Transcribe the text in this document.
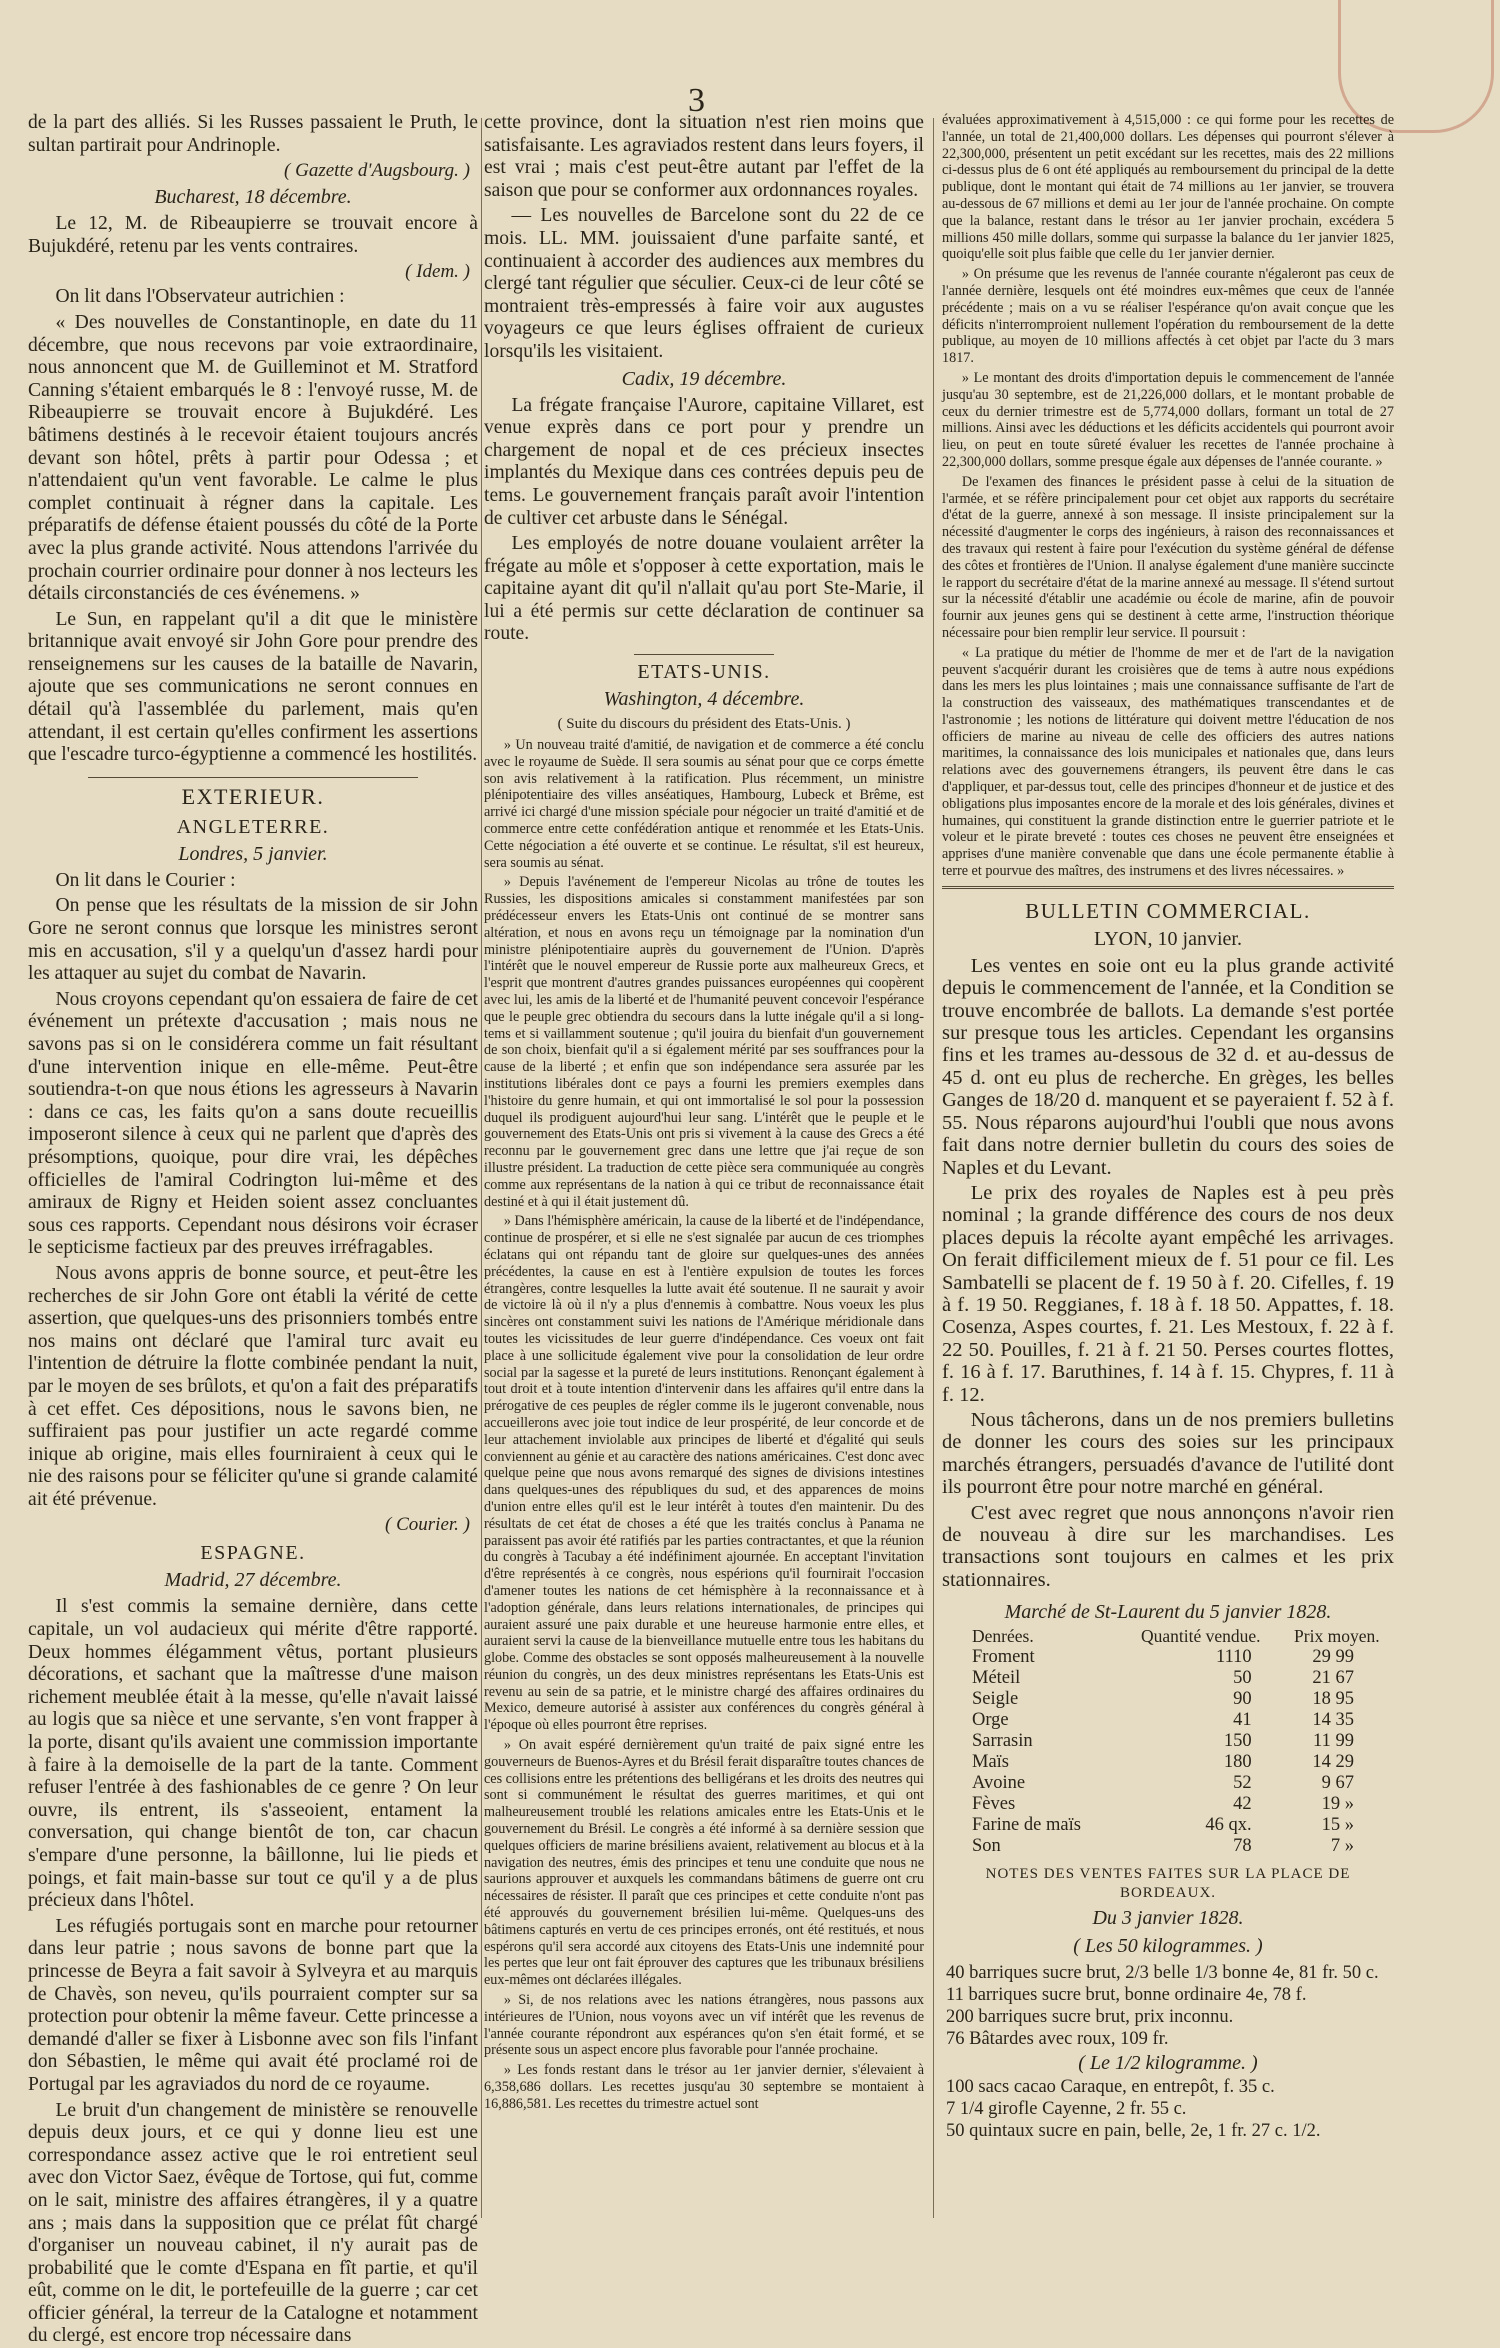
3

de la part des alliés. Si les Russes passaient le Pruth, le sultan partirait pour Andrinople.

( Gazette d'Augsbourg. )
Bucharest, 18 décembre.

Le 12, M. de Ribeaupierre se trouvait encore à Bujukdéré, retenu par les vents contraires.

( Idem. )

On lit dans l'Observateur autrichien :

« Des nouvelles de Constantinople, en date du 11 décembre, que nous recevons par voie extraordinaire, nous annoncent que M. de Guilleminot et M. Stratford Canning s'étaient embarqués le 8 : l'envoyé russe, M. de Ribeaupierre se trouvait encore à Bujukdéré. Les bâtimens destinés à le recevoir étaient toujours ancrés devant son hôtel, prêts à partir pour Odessa ; et n'attendaient qu'un vent favorable. Le calme le plus complet continuait à régner dans la capitale. Les préparatifs de défense étaient poussés du côté de la Porte avec la plus grande activité. Nous attendons l'arrivée du prochain courrier ordinaire pour donner à nos lecteurs les détails circonstanciés de ces événemens. »

Le Sun, en rappelant qu'il a dit que le ministère britannique avait envoyé sir John Gore pour prendre des renseignemens sur les causes de la bataille de Navarin, ajoute que ses communications ne seront connues en détail qu'à l'assemblée du parlement, mais qu'en attendant, il est certain qu'elles confirment les assertions que l'escadre turco-égyptienne a commencé les hostilités.

EXTERIEUR.
ANGLETERRE.
Londres, 5 janvier.

On lit dans le Courier :

On pense que les résultats de la mission de sir John Gore ne seront connus que lorsque les ministres seront mis en accusation, s'il y a quelqu'un d'assez hardi pour les attaquer au sujet du combat de Navarin.

Nous croyons cependant qu'on essaiera de faire de cet événement un prétexte d'accusation ; mais nous ne savons pas si on le considérera comme un fait résultant d'une intervention inique en elle-même. Peut-être soutiendra-t-on que nous étions les agresseurs à Navarin : dans ce cas, les faits qu'on a sans doute recueillis imposeront silence à ceux qui ne parlent que d'après des présomptions, quoique, pour dire vrai, les dépêches officielles de l'amiral Codrington lui-même et des amiraux de Rigny et Heiden soient assez concluantes sous ces rapports. Cependant nous désirons voir écraser le septicisme factieux par des preuves irréfragables.

Nous avons appris de bonne source, et peut-être les recherches de sir John Gore ont établi la vérité de cette assertion, que quelques-uns des prisonniers tombés entre nos mains ont déclaré que l'amiral turc avait eu l'intention de détruire la flotte combinée pendant la nuit, par le moyen de ses brûlots, et qu'on a fait des préparatifs à cet effet. Ces dépositions, nous le savons bien, ne suffiraient pas pour justifier un acte regardé comme inique ab origine, mais elles fourniraient à ceux qui le nie des raisons pour se féliciter qu'une si grande calamité ait été prévenue.

( Courier. )
ESPAGNE.
Madrid, 27 décembre.

Il s'est commis la semaine dernière, dans cette capitale, un vol audacieux qui mérite d'être rapporté. Deux hommes élégamment vêtus, portant plusieurs décorations, et sachant que la maîtresse d'une maison richement meublée était à la messe, qu'elle n'avait laissé au logis que sa nièce et une servante, s'en vont frapper à la porte, disant qu'ils avaient une commission importante à faire à la demoiselle de la part de la tante. Comment refuser l'entrée à des fashionables de ce genre ? On leur ouvre, ils entrent, ils s'asseoient, entament la conversation, qui change bientôt de ton, car chacun s'empare d'une personne, la bâillonne, lui lie pieds et poings, et fait main-basse sur tout ce qu'il y a de plus précieux dans l'hôtel.

Les réfugiés portugais sont en marche pour retourner dans leur patrie ; nous savons de bonne part que la princesse de Beyra a fait savoir à Sylveyra et au marquis de Chavès, son neveu, qu'ils pourraient compter sur sa protection pour obtenir la même faveur. Cette princesse a demandé d'aller se fixer à Lisbonne avec son fils l'infant don Sébastien, le même qui avait été proclamé roi de Portugal par les agraviados du nord de ce royaume.

Le bruit d'un changement de ministère se renouvelle depuis deux jours, et ce qui y donne lieu est une correspondance assez active que le roi entretient seul avec don Victor Saez, évêque de Tortose, qui fut, comme on le sait, ministre des affaires étrangères, il y a quatre ans ; mais dans la supposition que ce prélat fût chargé d'organiser un nouveau cabinet, il n'y aurait pas de probabilité que le comte d'Espana en fît partie, et qu'il eût, comme on le dit, le portefeuille de la guerre ; car cet officier général, la terreur de la Catalogne et notamment du clergé, est encore trop nécessaire dans

cette province, dont la situation n'est rien moins que satisfaisante. Les agraviados restent dans leurs foyers, il est vrai ; mais c'est peut-être autant par l'effet de la saison que pour se conformer aux ordonnances royales.

— Les nouvelles de Barcelone sont du 22 de ce mois. LL. MM. jouissaient d'une parfaite santé, et continuaient à accorder des audiences aux membres du clergé tant régulier que séculier. Ceux-ci de leur côté se montraient très-empressés à faire voir aux augustes voyageurs ce que leurs églises offraient de curieux lorsqu'ils les visitaient.

Cadix, 19 décembre.

La frégate française l'Aurore, capitaine Villaret, est venue exprès dans ce port pour y prendre un chargement de nopal et de ces précieux insectes implantés du Mexique dans ces contrées depuis peu de tems. Le gouvernement français paraît avoir l'intention de cultiver cet arbuste dans le Sénégal.

Les employés de notre douane voulaient arrêter la frégate au môle et s'opposer à cette exportation, mais le capitaine ayant dit qu'il n'allait qu'au port Ste-Marie, il lui a été permis sur cette déclaration de continuer sa route.

ETATS-UNIS.
Washington, 4 décembre.
( Suite du discours du président des Etats-Unis. )

» Un nouveau traité d'amitié, de navigation et de commerce a été conclu avec le royaume de Suède. Il sera soumis au sénat pour que ce corps émette son avis relativement à la ratification. Plus récemment, un ministre plénipotentiaire des villes anséatiques, Hambourg, Lubeck et Brême, est arrivé ici chargé d'une mission spéciale pour négocier un traité d'amitié et de commerce entre cette confédération antique et renommée et les Etats-Unis. Cette négociation a été ouverte et se continue. Le résultat, s'il est heureux, sera soumis au sénat.

» Depuis l'avénement de l'empereur Nicolas au trône de toutes les Russies, les dispositions amicales si constamment manifestées par son prédécesseur envers les Etats-Unis ont continué de se montrer sans altération, et nous en avons reçu un témoignage par la nomination d'un ministre plénipotentiaire auprès du gouvernement de l'Union. D'après l'intérêt que le nouvel empereur de Russie porte aux malheureux Grecs, et l'esprit que montrent d'autres grandes puissances européennes qui coopèrent avec lui, les amis de la liberté et de l'humanité peuvent concevoir l'espérance que le peuple grec obtiendra du secours dans la lutte inégale qu'il a si long-tems et si vaillamment soutenue ; qu'il jouira du bienfait d'un gouvernement de son choix, bienfait qu'il a si également mérité par ses souffrances pour la cause de la liberté ; et enfin que son indépendance sera assurée par les institutions libérales dont ce pays a fourni les premiers exemples dans l'histoire du genre humain, et qui ont immortalisé le sol pour la possession duquel ils prodiguent aujourd'hui leur sang. L'intérêt que le peuple et le gouvernement des Etats-Unis ont pris si vivement à la cause des Grecs a été reconnu par le gouvernement grec dans une lettre que j'ai reçue de son illustre président. La traduction de cette pièce sera communiquée au congrès comme aux représentans de la nation à qui ce tribut de reconnaissance était destiné et à qui il était justement dû.

» Dans l'hémisphère américain, la cause de la liberté et de l'indépendance, continue de prospérer, et si elle ne s'est signalée par aucun de ces triomphes éclatans qui ont répandu tant de gloire sur quelques-unes des années précédentes, la cause en est à l'entière expulsion de toutes les forces étrangères, contre lesquelles la lutte avait été soutenue. Il ne saurait y avoir de victoire là où il n'y a plus d'ennemis à combattre. Nous voeux les plus sincères ont constamment suivi les nations de l'Amérique méridionale dans toutes les vicissitudes de leur guerre d'indépendance. Ces voeux ont fait place à une sollicitude également vive pour la consolidation de leur ordre social par la sagesse et la pureté de leurs institutions. Renonçant également à tout droit et à toute intention d'intervenir dans les affaires qu'il entre dans la prérogative de ces peuples de régler comme ils le jugeront convenable, nous accueillerons avec joie tout indice de leur prospérité, de leur concorde et de leur attachement inviolable aux principes de liberté et d'égalité qui seuls conviennent au génie et au caractère des nations américaines. C'est donc avec quelque peine que nous avons remarqué des signes de divisions intestines dans quelques-unes des républiques du sud, et des apparences de moins d'union entre elles qu'il est le leur intérêt à toutes d'en maintenir. Du des résultats de cet état de choses a été que les traités conclus à Panama ne paraissent pas avoir été ratifiés par les parties contractantes, et que la réunion du congrès à Tacubay a été indéfiniment ajournée. En acceptant l'invitation d'être représentés à ce congrès, nous espérions qu'il fournirait l'occasion d'amener toutes les nations de cet hémisphère à la reconnaissance et à l'adoption générale, dans leurs relations internationales, de principes qui auraient assuré une paix durable et une heureuse harmonie entre elles, et auraient servi la cause de la bienveillance mutuelle entre tous les habitans du globe. Comme des obstacles se sont opposés malheureusement à la nouvelle réunion du congrès, un des deux ministres représentans les Etats-Unis est revenu au sein de sa patrie, et le ministre chargé des affaires ordinaires du Mexico, demeure autorisé à assister aux conférences du congrès général à l'époque où elles pourront être reprises.

» On avait espéré dernièrement qu'un traité de paix signé entre les gouverneurs de Buenos-Ayres et du Brésil ferait disparaître toutes chances de ces collisions entre les prétentions des belligérans et les droits des neutres qui sont si communément le résultat des guerres maritimes, et qui ont malheureusement troublé les relations amicales entre les Etats-Unis et le gouvernement du Brésil. Le congrès a été informé à sa dernière session que quelques officiers de marine brésiliens avaient, relativement au blocus et à la navigation des neutres, émis des principes et tenu une conduite que nous ne saurions approuver et auxquels les commandans bâtimens de guerre ont cru nécessaires de résister. Il paraît que ces principes et cette conduite n'ont pas été approuvés du gouvernement brésilien lui-même. Quelques-uns des bâtimens capturés en vertu de ces principes erronés, ont été restitués, et nous espérons qu'il sera accordé aux citoyens des Etats-Unis une indemnité pour les pertes que leur ont fait éprouver des captures que les tribunaux brésiliens eux-mêmes ont déclarées illégales.

» Si, de nos relations avec les nations étrangères, nous passons aux intérieures de l'Union, nous voyons avec un vif intérêt que les revenus de l'année courante répondront aux espérances qu'on s'en était formé, et se présente sous un aspect encore plus favorable pour l'année prochaine.

» Les fonds restant dans le trésor au 1er janvier dernier, s'élevaient à 6,358,686 dollars. Les recettes jusqu'au 30 septembre se montaient à 16,886,581. Les recettes du trimestre actuel sont

évaluées approximativement à 4,515,000 : ce qui forme pour les recettes de l'année, un total de 21,400,000 dollars. Les dépenses qui pourront s'élever à 22,300,000, présentent un petit excédant sur les recettes, mais des 22 millions ci-dessus plus de 6 ont été appliqués au remboursement du principal de la dette publique, dont le montant qui était de 74 millions au 1er janvier, se trouvera au-dessous de 67 millions et demi au 1er jour de l'année prochaine. On compte que la balance, restant dans le trésor au 1er janvier prochain, excédera 5 millions 450 mille dollars, somme qui surpasse la balance du 1er janvier 1825, quoiqu'elle soit plus faible que celle du 1er janvier dernier.

» On présume que les revenus de l'année courante n'égaleront pas ceux de l'année dernière, lesquels ont été moindres eux-mêmes que ceux de l'année précédente ; mais on a vu se réaliser l'espérance qu'on avait conçue que les déficits n'interromproient nullement l'opération du remboursement de la dette publique, au moyen de 10 millions affectés à cet objet par l'acte du 3 mars 1817.

» Le montant des droits d'importation depuis le commencement de l'année jusqu'au 30 septembre, est de 21,226,000 dollars, et le montant probable de ceux du dernier trimestre est de 5,774,000 dollars, formant un total de 27 millions. Ainsi avec les déductions et les déficits accidentels qui pourront avoir lieu, on peut en toute sûreté évaluer les recettes de l'année prochaine à 22,300,000 dollars, somme presque égale aux dépenses de l'année courante. »

De l'examen des finances le président passe à celui de la situation de l'armée, et se réfère principalement pour cet objet aux rapports du secrétaire d'état de la guerre, annexé à son message. Il insiste principalement sur la nécessité d'augmenter le corps des ingénieurs, à raison des reconnaissances et des travaux qui restent à faire pour l'exécution du système général de défense des côtes et frontières de l'Union. Il analyse également d'une manière succincte le rapport du secrétaire d'état de la marine annexé au message. Il s'étend surtout sur la nécessité d'établir une académie ou école de marine, afin de pouvoir fournir aux jeunes gens qui se destinent à cette arme, l'instruction théorique nécessaire pour bien remplir leur service. Il poursuit :

« La pratique du métier de l'homme de mer et de l'art de la navigation peuvent s'acquérir durant les croisières que de tems à autre nous expédions dans les mers les plus lointaines ; mais une connaissance suffisante de l'art de la construction des vaisseaux, des mathématiques transcendantes et de l'astronomie ; les notions de littérature qui doivent mettre l'éducation de nos officiers de marine au niveau de celle des officiers des autres nations maritimes, la connaissance des lois municipales et nationales que, dans leurs relations avec des gouvernemens étrangers, ils peuvent être dans le cas d'appliquer, et par-dessus tout, celle des principes d'honneur et de justice et des obligations plus imposantes encore de la morale et des lois générales, divines et humaines, qui constituent la grande distinction entre le guerrier patriote et le voleur et le pirate breveté : toutes ces choses ne peuvent être enseignées et apprises d'une manière convenable que dans une école permanente établie à terre et pourvue des maîtres, des instrumens et des livres nécessaires. »

BULLETIN COMMERCIAL.
LYON, 10 janvier.

Les ventes en soie ont eu la plus grande activité depuis le commencement de l'année, et la Condition se trouve encombrée de ballots. La demande s'est portée sur presque tous les articles. Cependant les organsins fins et les trames au-dessous de 32 d. et au-dessus de 45 d. ont eu plus de recherche. En grèges, les belles Ganges de 18/20 d. manquent et se payeraient f. 52 à f. 55. Nous réparons aujourd'hui l'oubli que nous avons fait dans notre dernier bulletin du cours des soies de Naples et du Levant.

Le prix des royales de Naples est à peu près nominal ; la grande différence des cours de nos deux places depuis la récolte ayant empêché les arrivages. On ferait difficilement mieux de f. 51 pour ce fil. Les Sambatelli se placent de f. 19 50 à f. 20. Cifelles, f. 19 à f. 19 50. Reggianes, f. 18 à f. 18 50. Appattes, f. 18. Cosenza, Aspes courtes, f. 21. Les Mestoux, f. 22 à f. 22 50. Pouilles, f. 21 à f. 21 50. Perses courtes flottes, f. 16 à f. 17. Baruthines, f. 14 à f. 15. Chypres, f. 11 à f. 12.

Nous tâcherons, dans un de nos premiers bulletins de donner les cours des soies sur les principaux marchés étrangers, persuadés d'avance de l'utilité dont ils pourront être pour notre marché en général.

C'est avec regret que nous annonçons n'avoir rien de nouveau à dire sur les marchandises. Les transactions sont toujours en calmes et les prix stationnaires.

Marché de St-Laurent du 5 janvier 1828.
Denrées.	Quantité vendue.	Prix moyen.
Froment	1110	29 99
Méteil	50	21 67
Seigle	90	18 95
Orge	41	14 35
Sarrasin	150	11 99
Maïs	180	14 29
Avoine	52	9 67
Fèves	42	19 »
Farine de maïs	46 qx.	15 »
Son	78	7 »
NOTES DES VENTES FAITES SUR LA PLACE DE BORDEAUX.
Du 3 janvier 1828.
( Les 50 kilogrammes. )
40 barriques sucre brut, 2/3 belle 1/3 bonne 4e, 81 fr. 50 c.
11 barriques sucre brut, bonne ordinaire 4e, 78 f.
200 barriques sucre brut, prix inconnu.
76 Bâtardes avec roux, 109 fr.
( Le 1/2 kilogramme. )
100 sacs cacao Caraque, en entrepôt, f. 35 c.
7 1/4 girofle Cayenne, 2 fr. 55 c.
50 quintaux sucre en pain, belle, 2e, 1 fr. 27 c. 1/2.
